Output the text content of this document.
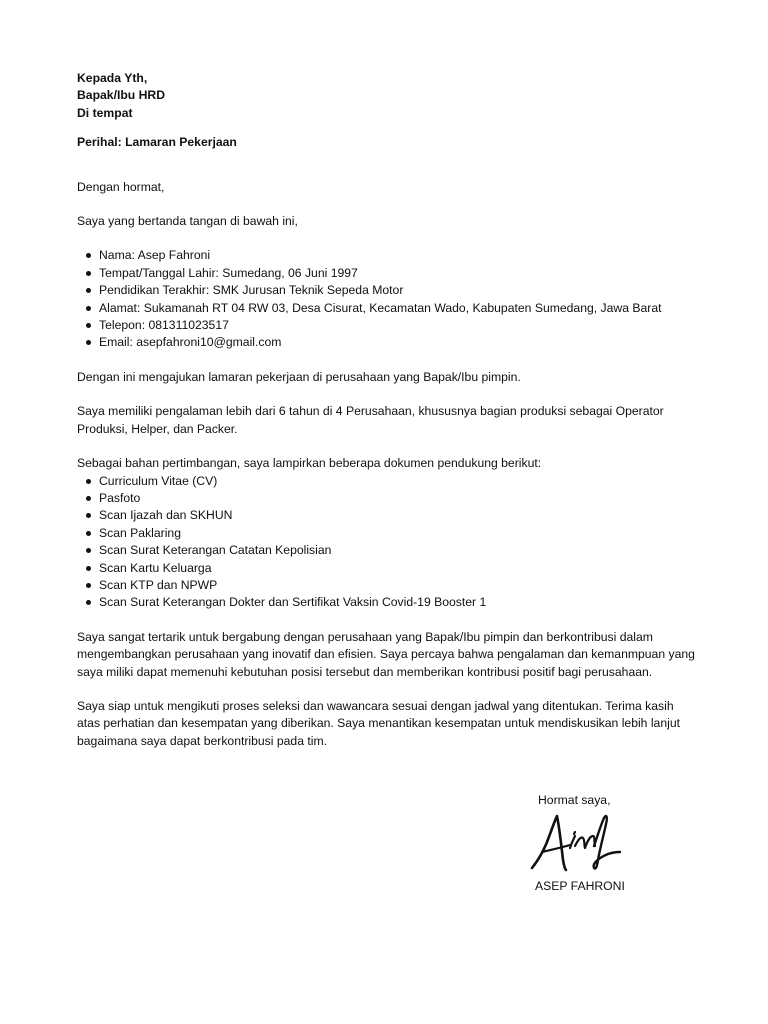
Kepada Yth,
Bapak/Ibu HRD
Di tempat
Perihal: Lamaran Pekerjaan
Dengan hormat,
Saya yang bertanda tangan di bawah ini,
Nama: Asep Fahroni
Tempat/Tanggal Lahir: Sumedang, 06 Juni 1997
Pendidikan Terakhir: SMK Jurusan Teknik Sepeda Motor
Alamat: Sukamanah RT 04 RW 03, Desa Cisurat, Kecamatan Wado, Kabupaten Sumedang, Jawa Barat
Telepon: 081311023517
Email: asepfahroni10@gmail.com
Dengan ini mengajukan lamaran pekerjaan di perusahaan yang Bapak/Ibu pimpin.
Saya memiliki pengalaman lebih dari 6 tahun di 4 Perusahaan, khususnya bagian produksi sebagai Operator Produksi, Helper, dan Packer.
Sebagai bahan pertimbangan, saya lampirkan beberapa dokumen pendukung berikut:
Curriculum Vitae (CV)
Pasfoto
Scan Ijazah dan SKHUN
Scan Paklaring
Scan Surat Keterangan Catatan Kepolisian
Scan Kartu Keluarga
Scan KTP dan NPWP
Scan Surat Keterangan Dokter dan Sertifikat Vaksin Covid-19 Booster 1
Saya sangat tertarik untuk bergabung dengan perusahaan yang Bapak/Ibu pimpin dan berkontribusi dalam mengembangkan perusahaan yang inovatif dan efisien. Saya percaya bahwa pengalaman dan kemanmpuan yang saya miliki dapat memenuhi kebutuhan posisi tersebut dan memberikan kontribusi positif bagi perusahaan.
Saya siap untuk mengikuti proses seleksi dan wawancara sesuai dengan jadwal yang ditentukan. Terima kasih atas perhatian dan kesempatan yang diberikan. Saya menantikan kesempatan untuk mendiskusikan lebih lanjut bagaimana saya dapat berkontribusi pada tim.
Hormat saya,
ASEP FAHRONI
